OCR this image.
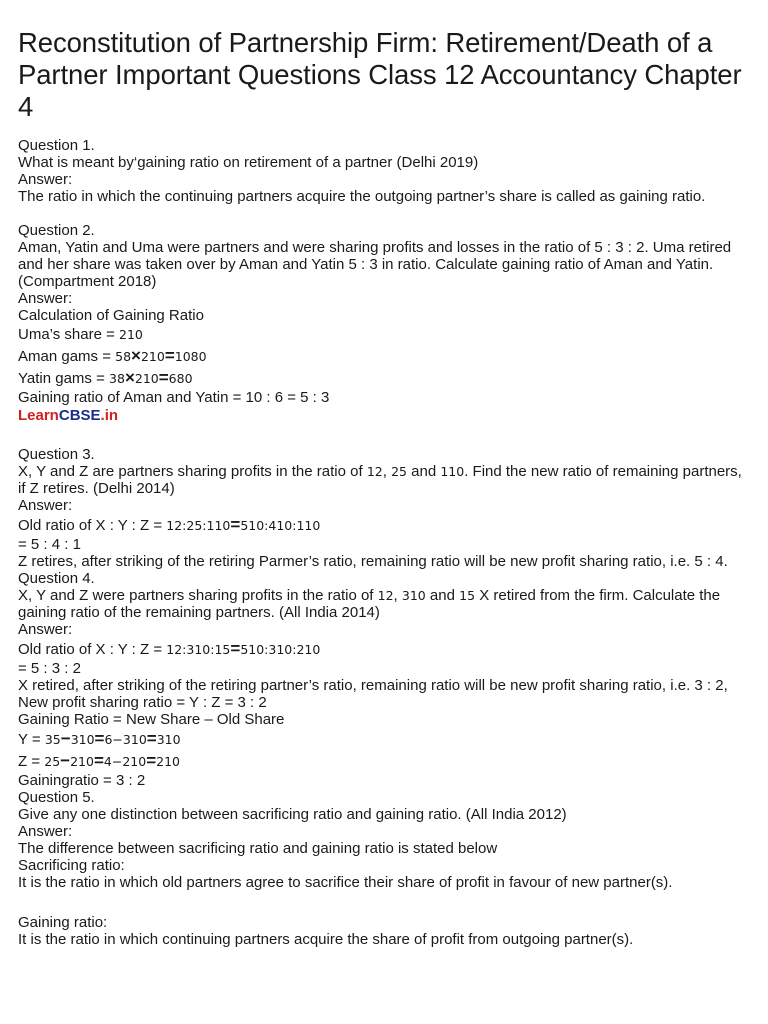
Reconstitution of Partnership Firm: Retirement/Death of a Partner Important Questions Class 12 Accountancy Chapter 4
Question 1.
What is meant by‘gaining ratio on retirement of a partner (Delhi 2019)
Answer:
The ratio in which the continuing partners acquire the outgoing partner’s share is called as gaining ratio.
Question 2.
Aman, Yatin and Uma were partners and were sharing profits and losses in the ratio of 5 : 3 : 2. Uma retired and her share was taken over by Aman and Yatin 5 : 3 in ratio. Calculate gaining ratio of Aman and Yatin. (Compartment 2018)
Answer:
Calculation of Gaining Ratio
Uma’s share = 210
Aman gams = 58×210=1080
Yatin gams = 38×210=680
Gaining ratio of Aman and Yatin = 10 : 6 = 5 : 3
LearnCBSE.in
Question 3.
X, Y and Z are partners sharing profits in the ratio of 12, 25 and 110. Find the new ratio of remaining partners, if Z retires. (Delhi 2014)
Answer:
Old ratio of X : Y : Z = 12:25:110=510:410:110
= 5 : 4 : 1
Z retires, after striking of the retiring Parmer’s ratio, remaining ratio will be new profit sharing ratio, i.e. 5 : 4.
Question 4.
X, Y and Z were partners sharing profits in the ratio of 12, 310 and 15 X retired from the firm. Calculate the gaining ratio of the remaining partners. (All India 2014)
Answer:
Old ratio of X : Y : Z = 12:310:15=510:310:210
= 5 : 3 : 2
X retired, after striking of the retiring partner’s ratio, remaining ratio will be new profit sharing ratio, i.e. 3 : 2,
New profit sharing ratio = Y : Z = 3 : 2
Gaining Ratio = New Share – Old Share
Y = 35−310=6−310=310
Z = 25−210=4−210=210
Gainingratio = 3 : 2
Question 5.
Give any one distinction between sacrificing ratio and gaining ratio. (All India 2012)
Answer:
The difference between sacrificing ratio and gaining ratio is stated below
Sacrificing ratio:
It is the ratio in which old partners agree to sacrifice their share of profit in favour of new partner(s).
Gaining ratio:
It is the ratio in which continuing partners acquire the share of profit from outgoing partner(s).
